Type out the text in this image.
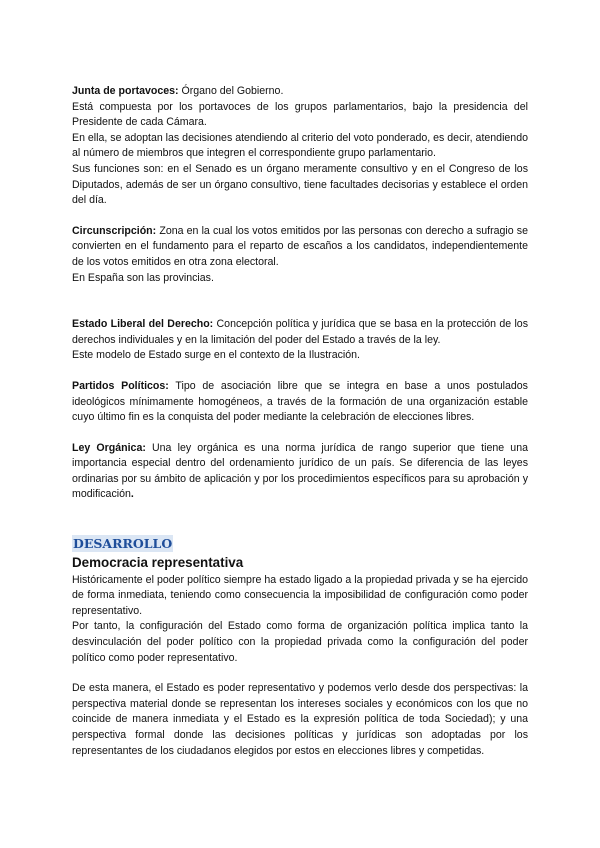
Junta de portavoces: Órgano del Gobierno.

Está compuesta por los portavoces de los grupos parlamentarios, bajo la presidencia del Presidente de cada Cámara.

En ella, se adoptan las decisiones atendiendo al criterio del voto ponderado, es decir, atendiendo al número de miembros que integren el correspondiente grupo parlamentario.

Sus funciones son: en el Senado es un órgano meramente consultivo y en el Congreso de los Diputados, además de ser un órgano consultivo, tiene facultades decisorias y establece el orden del día.

Circunscripción: Zona en la cual los votos emitidos por las personas con derecho a sufragio se convierten en el fundamento para el reparto de escaños a los candidatos, independientemente de los votos emitidos en otra zona electoral.

En España son las provincias.

Estado Liberal del Derecho: Concepción política y jurídica que se basa en la protección de los derechos individuales y en la limitación del poder del Estado a través de la ley.

Este modelo de Estado surge en el contexto de la Ilustración.

Partidos Políticos: Tipo de asociación libre que se integra en base a unos postulados ideológicos mínimamente homogéneos, a través de la formación de una organización estable cuyo último fin es la conquista del poder mediante la celebración de elecciones libres.

Ley Orgánica: Una ley orgánica es una norma jurídica de rango superior que tiene una importancia especial dentro del ordenamiento jurídico de un país. Se diferencia de las leyes ordinarias por su ámbito de aplicación y por los procedimientos específicos para su aprobación y modificación.

DESARROLLO
Democracia representativa

Históricamente el poder político siempre ha estado ligado a la propiedad privada y se ha ejercido de forma inmediata, teniendo como consecuencia la imposibilidad de configuración como poder representativo.

Por tanto, la configuración del Estado como forma de organización política implica tanto la desvinculación del poder político con la propiedad privada como la configuración del poder político como poder representativo.

De esta manera, el Estado es poder representativo y podemos verlo desde dos perspectivas: la perspectiva material donde se representan los intereses sociales y económicos con los que no coincide de manera inmediata y el Estado es la expresión política de toda Sociedad); y una perspectiva formal donde las decisiones políticas y jurídicas son adoptadas por los representantes de los ciudadanos elegidos por estos en elecciones libres y competidas.
